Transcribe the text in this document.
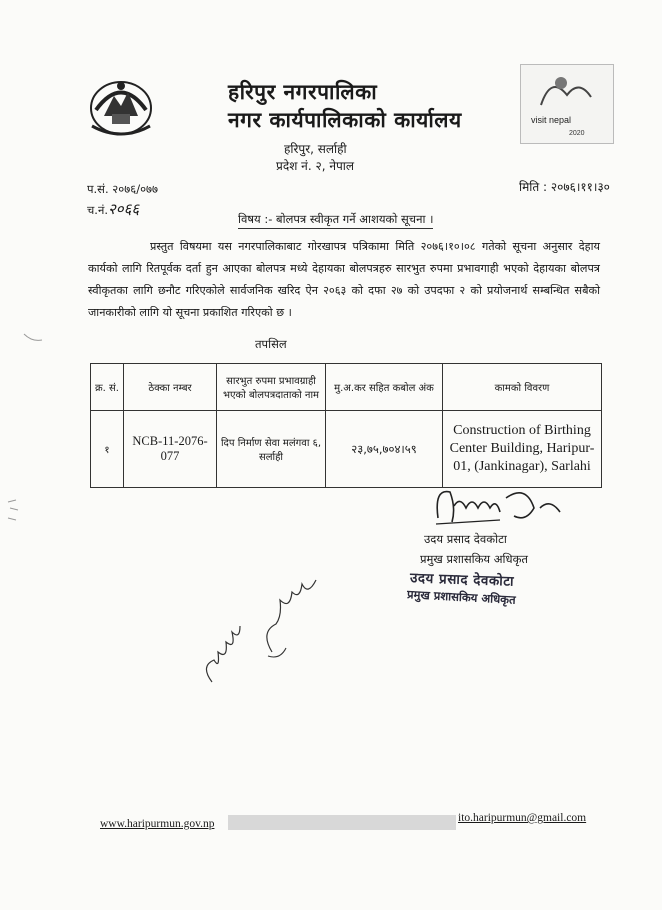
visit nepal
2020
हरिपुर नगरपालिका
नगर कार्यपालिकाको कार्यालय
हरिपुर, सर्लाही
प्रदेश नं. २, नेपाल
प.सं. २०७६/०७७
च.नं.२०६६
मिति : २०७६।११।३०
विषय :- बोलपत्र स्वीकृत गर्ने आशयको सूचना ।
प्रस्तुत विषयमा यस नगरपालिकाबाट गोरखापत्र पत्रिकामा मिति २०७६।१०।०८ गतेको सूचना अनुसार देहाय कार्यको लागि रितपूर्वक दर्ता हुन आएका बोलपत्र मध्ये देहायका बोलपत्रहरु सारभुत रुपमा प्रभावगाही भएको देहायका बोलपत्र स्वीकृतका लागि छनौट गरिएकोले सार्वजनिक खरिद ऐन २०६३ को दफा २७ को उपदफा २ को प्रयोजनार्थ सम्बन्धित सबैको जानकारीको लागि यो सूचना प्रकाशित गरिएको छ ।
तपसिल
क्र. सं.	ठेक्का नम्बर	सारभुत रुपमा प्रभावग्राही भएको बोलपत्रदाताको नाम	मु.अ.कर सहित कबोल अंक	कामको विवरण
१	NCB-11-2076-077	दिप निर्माण सेवा मलंगवा ६, सर्लाही	२३,७५,७०४।५९	Construction of Birthing Center Building, Haripur-01, (Jankinagar), Sarlahi
उदय प्रसाद देवकोटा
प्रमुख प्रशासकिय अधिकृत
उदय प्रसाद देवकोटा
प्रमुख प्रशासकिय अधिकृत
www.haripurmun.gov.np	ito.haripurmun@gmail.com
